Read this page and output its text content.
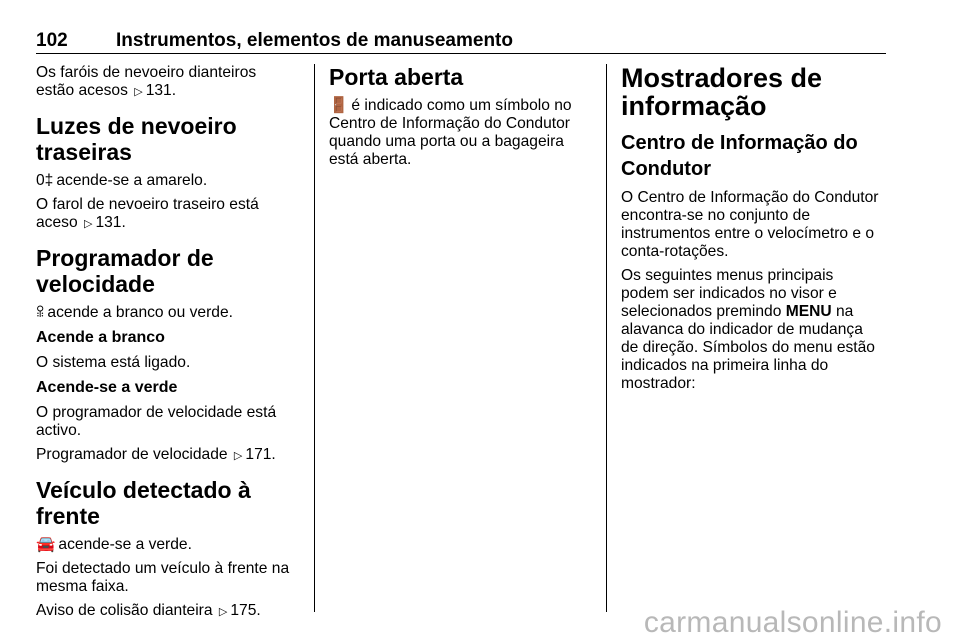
102	Instrumentos, elementos de manuseamento

Os faróis de nevoeiro dianteiros
estão acesos ▷ 131.

Luzes de nevoeiro traseiras

0‡ acende-se a amarelo.

O farol de nevoeiro traseiro está
aceso ▷ 131.

Programador de velocidade

ꕉ acende a branco ou verde.

Acende a branco

O sistema está ligado.

Acende-se a verde

O programador de velocidade está
activo.

Programador de velocidade ▷ 171.

Veículo detectado à frente

🚘 acende-se a verde.

Foi detectado um veículo à frente na
mesma faixa.

Aviso de colisão dianteira ▷ 175.

Porta aberta

🚪 é indicado como um símbolo no
Centro de Informação do Condutor
quando uma porta ou a bagageira
está aberta.

Mostradores de
informação
Centro de Informação do
Condutor

O Centro de Informação do Condutor
encontra-se no conjunto de
instrumentos entre o velocímetro e o
conta-rotações.

Os seguintes menus principais
podem ser indicados no visor e
selecionados premindo MENU na
alavanca do indicador de mudança
de direção. Símbolos do menu estão
indicados na primeira linha do
mostrador:

carmanualsonline.info
